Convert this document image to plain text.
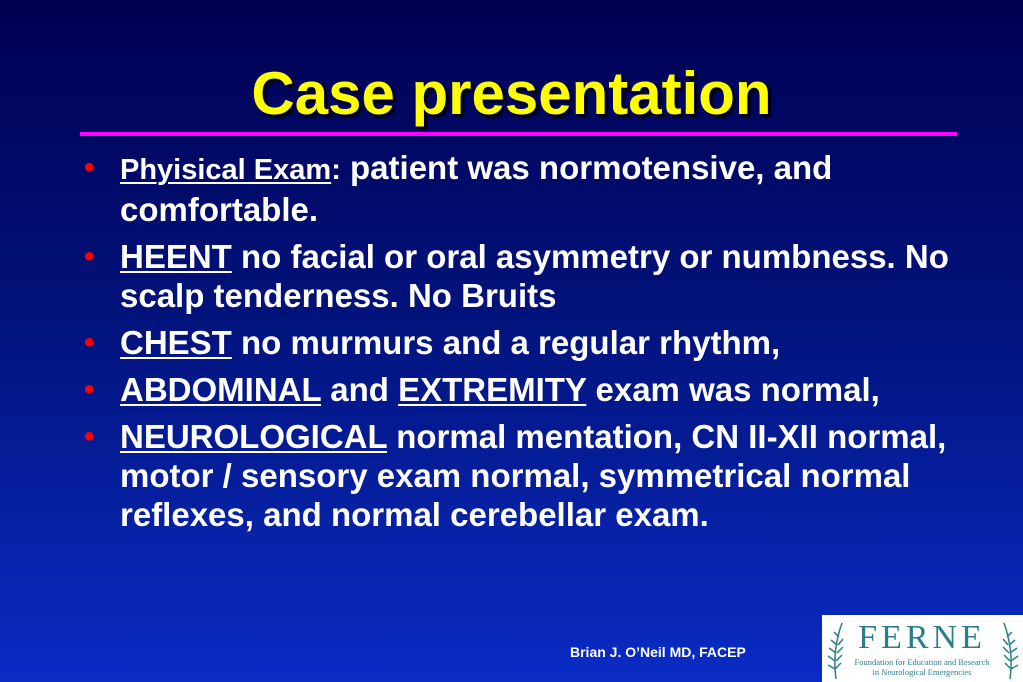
Case presentation
• Phyisical Exam: patient was normotensive, and comfortable.
• HEENT no facial or oral asymmetry or numbness. No scalp tenderness. No Bruits
• CHEST no murmurs and a regular rhythm,
• ABDOMINAL and EXTREMITY exam was normal,
• NEUROLOGICAL normal mentation, CN II-XII normal, motor / sensory exam normal, symmetrical normal reflexes, and normal cerebellar exam.
Brian J. O’Neil MD, FACEP	FERNE
Foundation for Education and Research
in Neurological Emergencies
